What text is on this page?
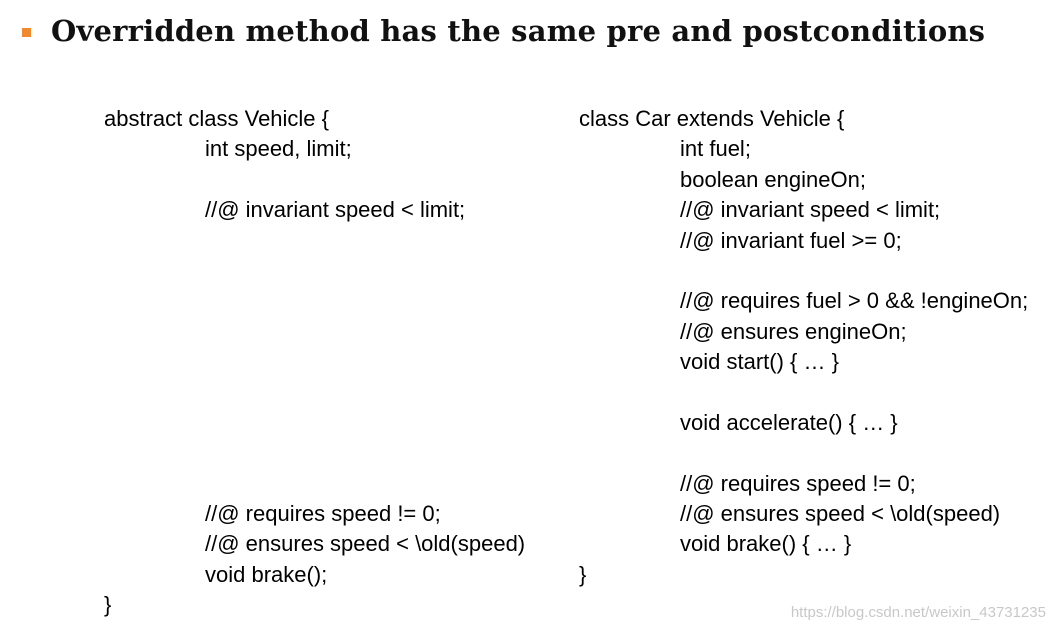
Overridden method has the same pre and postconditions
abstract class Vehicle {
int speed, limit;
//@ invariant speed < limit;
//@ requires speed != 0;
//@ ensures speed < \old(speed)
void brake();
}
class Car extends Vehicle {
int fuel;
boolean engineOn;
//@ invariant speed < limit;
//@ invariant fuel >= 0;
//@ requires fuel > 0 && !engineOn;
//@ ensures engineOn;
void start() { … }
void accelerate() { … }
//@ requires speed != 0;
//@ ensures speed < \old(speed)
void brake() { … }
}
https://blog.csdn.net/weixin_43731235
